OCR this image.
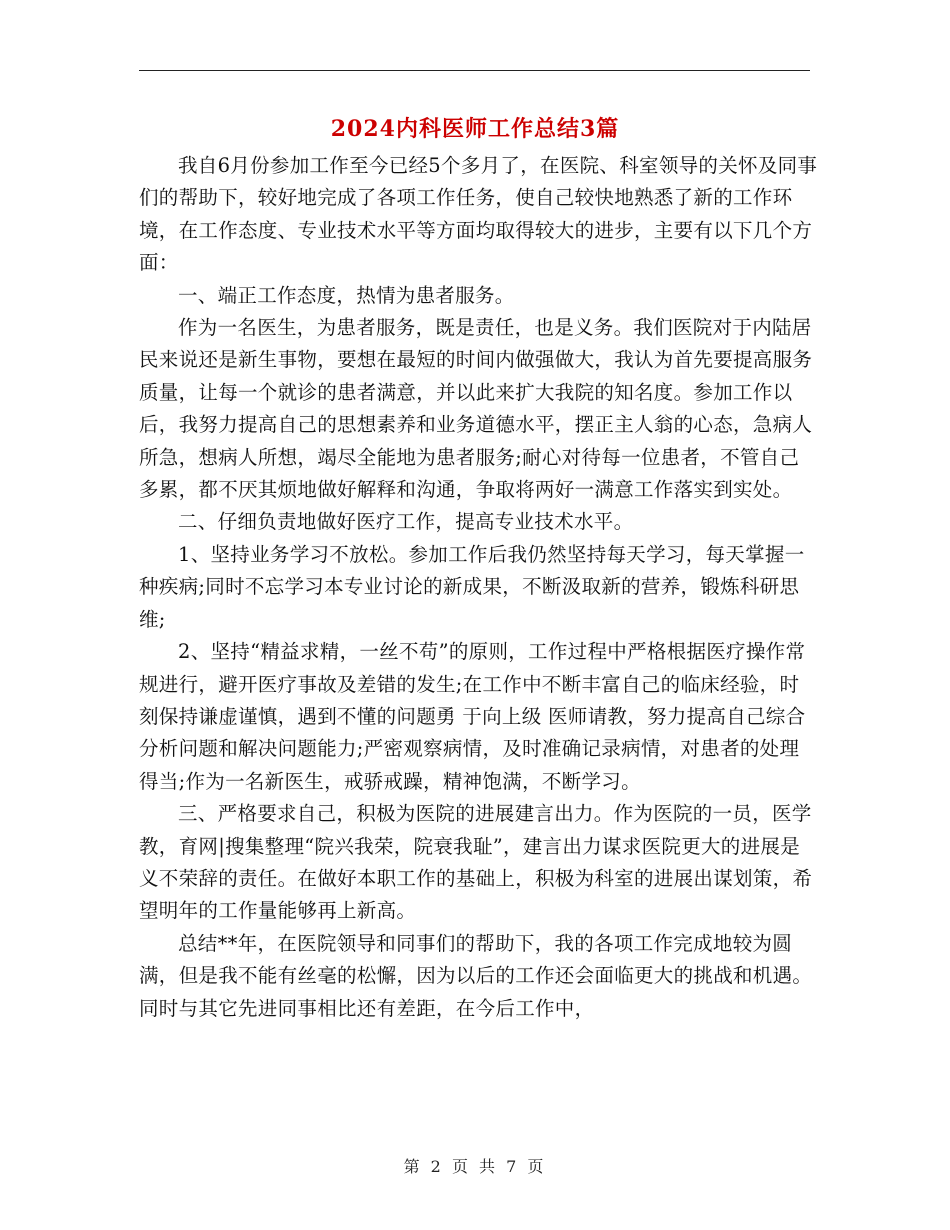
2024内科医师工作总结3篇

我自6月份参加工作至今已经5个多月了，在医院、科室领导的关怀及同事们的帮助下，较好地完成了各项工作任务，使自己较快地熟悉了新的工作环境，在工作态度、专业技术水平等方面均取得较大的进步，主要有以下几个方面：

一、端正工作态度，热情为患者服务。

作为一名医生，为患者服务，既是责任，也是义务。我们医院对于内陆居民来说还是新生事物，要想在最短的时间内做强做大，我认为首先要提高服务质量，让每一个就诊的患者满意，并以此来扩大我院的知名度。参加工作以后，我努力提高自己的思想素养和业务道德水平，摆正主人翁的心态，急病人所急，想病人所想，竭尽全能地为患者服务;耐心对待每一位患者，不管自己多累，都不厌其烦地做好解释和沟通，争取将两好一满意工作落实到实处。

二、仔细负责地做好医疗工作，提高专业技术水平。

1、坚持业务学习不放松。参加工作后我仍然坚持每天学习，每天掌握一种疾病;同时不忘学习本专业讨论的新成果，不断汲取新的营养，锻炼科研思维;

2、坚持“精益求精，一丝不苟”的原则，工作过程中严格根据医疗操作常规进行，避开医疗事故及差错的发生;在工作中不断丰富自己的临床经验，时刻保持谦虚谨慎，遇到不懂的问题勇 于向上级 医师请教，努力提高自己综合分析问题和解决问题能力;严密观察病情，及时准确记录病情，对患者的处理得当;作为一名新医生，戒骄戒躁，精神饱满，不断学习。

三、严格要求自己，积极为医院的进展建言出力。作为医院的一员，医学教，育网|搜集整理“院兴我荣，院衰我耻”，建言出力谋求医院更大的进展是义不荣辞的责任。在做好本职工作的基础上，积极为科室的进展出谋划策，希望明年的工作量能够再上新高。

总结**年，在医院领导和同事们的帮助下，我的各项工作完成地较为圆满，但是我不能有丝毫的松懈，因为以后的工作还会面临更大的挑战和机遇。同时与其它先进同事相比还有差距，在今后工作中，

第 2 页 共 7 页
